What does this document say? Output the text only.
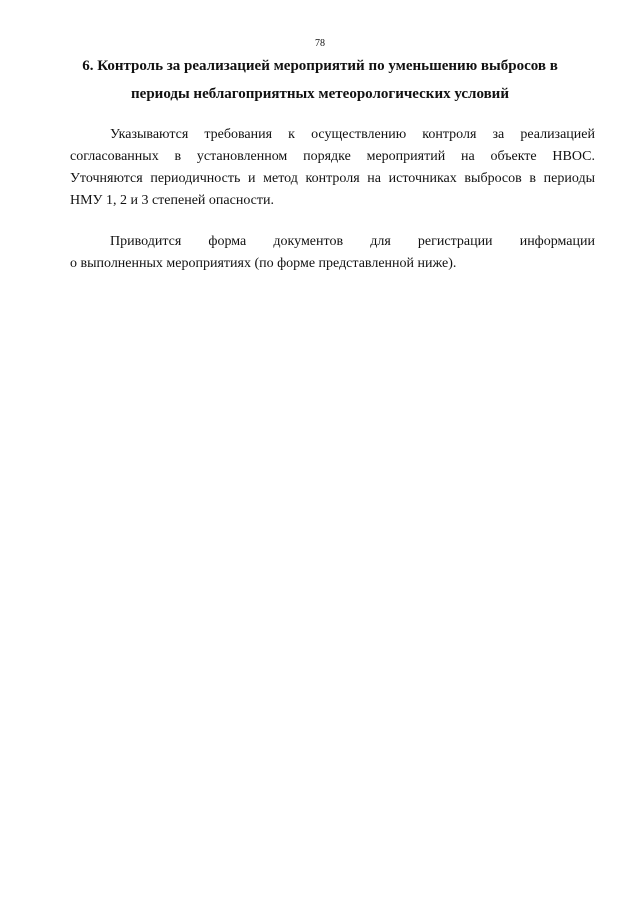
78
6. Контроль за реализацией мероприятий по уменьшению выбросов в
периоды неблагоприятных метеорологических условий

Указываются требования к осуществлению контроля за реализацией
согласованных в установленном порядке мероприятий на объекте НВОС.
Уточняются периодичность и метод контроля на источниках выбросов в периоды
НМУ 1, 2 и 3 степеней опасности.

Приводится форма документов для регистрации информации
о выполненных мероприятиях (по форме представленной ниже).
